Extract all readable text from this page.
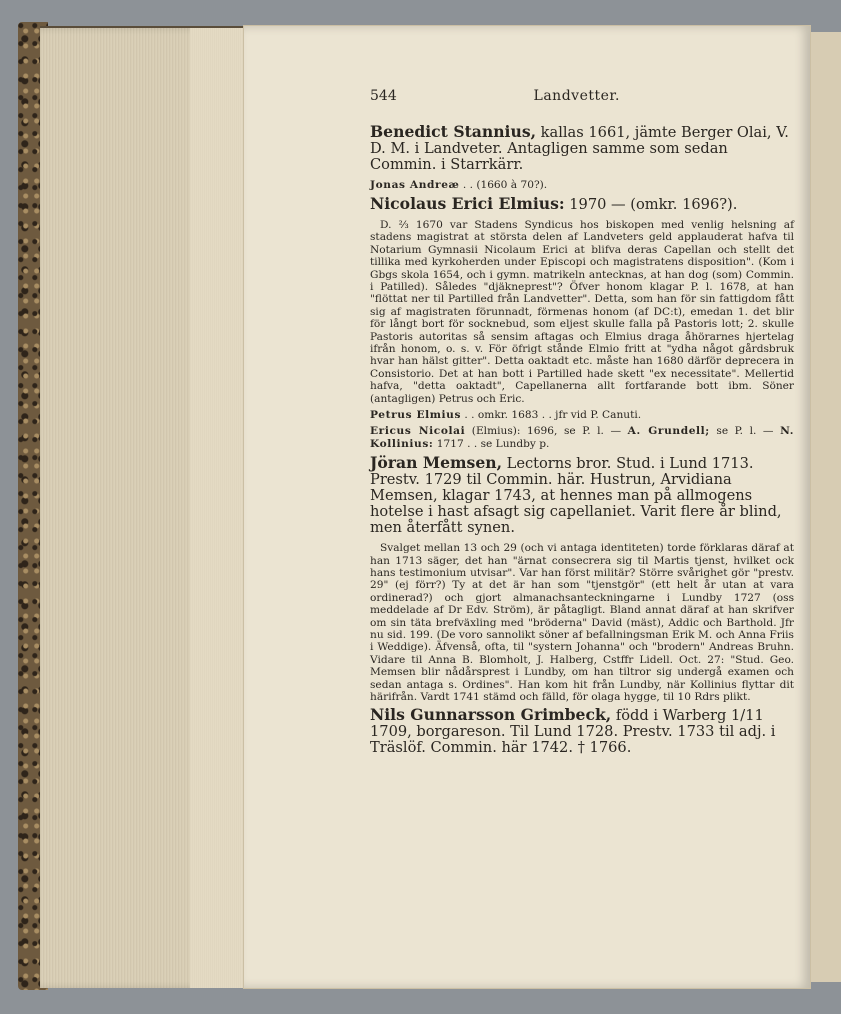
544	Landvetter.

Benedict Stannius, kallas 1661, jämte Berger Olai, V. D. M. i Landveter. Antagligen samme som sedan Commin. i Starrkärr.

Jonas Andreæ . . (1660 à 70?).

Nicolaus Erici Elmius: 1970 — (omkr. 1696?).

D. ⅔ 1670 var Stadens Syndicus hos biskopen med venlig helsning af stadens magistrat at största delen af Landveters geld applauderat hafva til Notarium Gymnasii Nicolaum Erici at blifva deras Capellan och stellt det tillika med kyrkoherden under Episcopi och magistratens disposition". (Kom i Gbgs skola 1654, och i gymn. matrikeln antecknas, at han dog (som) Commin. i Patilled). Således "djäkneprest"? Öfver honom klagar P. l. 1678, at han "flöttat ner til Partilled från Landvetter". Detta, som han för sin fattigdom fått sig af magistraten förunnadt, förmenas honom (af DC:t), emedan 1. det blir för långt bort för socknebud, som eljest skulle falla på Pastoris lott; 2. skulle Pastoris autoritas så sensim aftagas och Elmius draga åhörarnes hjertelag ifrån honom, o. s. v. För öfrigt stånde Elmio fritt at "ydha något gårdsbruk hvar han hälst gitter". Detta oaktadt etc. måste han 1680 därför deprecera in Consistorio. Det at han bott i Partilled hade skett "ex necessitate". Mellertid hafva, "detta oaktadt", Capellanerna allt fortfarande bott ibm. Söner (antagligen) Petrus och Eric.

Petrus Elmius . . omkr. 1683 . . jfr vid P. Canuti.

Ericus Nicolai (Elmius): 1696, se P. l. — A. Grundell; se P. l. — N. Kollinius: 1717 . . se Lundby p.

Jöran Memsen, Lectorns bror. Stud. i Lund 1713. Prestv. 1729 til Commin. här. Hustrun, Arvidiana Memsen, klagar 1743, at hennes man på allmogens hotelse i hast afsagt sig capellaniet. Varit flere år blind, men återfått synen.

Svalget mellan 13 och 29 (och vi antaga identiteten) torde förklaras däraf at han 1713 säger, det han "ärnat consecrera sig til Martis tjenst, hvilket ock hans testimonium utvisar". Var han först militär? Större svårighet gör "prestv. 29" (ej förr?) Ty at det är han som "tjenstgör" (ett helt år utan at vara ordinerad?) och gjort almanachsanteckningarne i Lundby 1727 (oss meddelade af Dr Edv. Ström), är påtagligt. Bland annat däraf at han skrifver om sin täta brefväxling med "bröderna" David (mäst), Addic och Barthold. Jfr nu sid. 199. (De voro sannolikt söner af befallningsman Erik M. och Anna Friis i Weddige). Äfvenså, ofta, til "systern Johanna" och "brodern" Andreas Bruhn. Vidare til Anna B. Blomholt, J. Halberg, Cstffr Lidell. Oct. 27: "Stud. Geo. Memsen blir nådårsprest i Lundby, om han tiltror sig undergå examen och sedan antaga s. Ordines". Han kom hit från Lundby, när Kollinius flyttar dit härifrån. Vardt 1741 stämd och fälld, för olaga hygge, til 10 Rdrs plikt.

Nils Gunnarsson Grimbeck, född i Warberg 1/11 1709, borgareson. Til Lund 1728. Prestv. 1733 til adj. i Träslöf. Commin. här 1742. † 1766.
